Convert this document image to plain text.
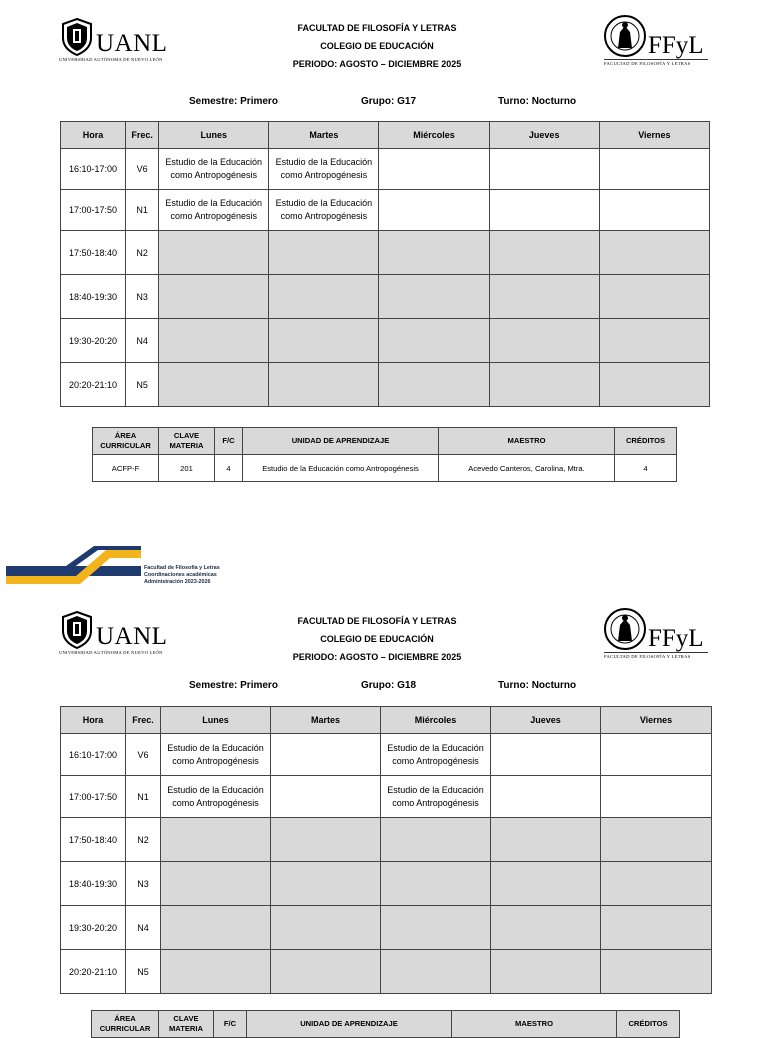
UANL
UNIVERSIDAD AUTÓNOMA DE NUEVO LEÓN
FACULTAD DE FILOSOFÍA Y LETRAS
COLEGIO DE EDUCACIÓN
PERIODO: AGOSTO – DICIEMBRE 2025
FFyL
FACULTAD DE FILOSOFÍA Y LETRAS
Semestre: Primero	Grupo: G17	Turno: Nocturno
Hora	Frec.	Lunes	Martes	Miércoles	Jueves	Viernes
16:10-17:00	V6	Estudio de la Educación como Antropogénesis	Estudio de la Educación como Antropogénesis			
17:00-17:50	N1	Estudio de la Educación como Antropogénesis	Estudio de la Educación como Antropogénesis			
17:50-18:40	N2					
18:40-19:30	N3					
19:30-20:20	N4					
20:20-21:10	N5					
ÁREA CURRICULAR	CLAVE MATERIA	F/C	UNIDAD DE APRENDIZAJE	MAESTRO	CRÉDITOS
ACFP-F	201	4	Estudio de la Educación como Antropogénesis	Acevedo Canteros, Carolina, Mtra.	4
Facultad de Filosofía y Letras
Coordinaciones académicas
Administración 2023-2026
UANL
UNIVERSIDAD AUTÓNOMA DE NUEVO LEÓN
FACULTAD DE FILOSOFÍA Y LETRAS
COLEGIO DE EDUCACIÓN
PERIODO: AGOSTO – DICIEMBRE 2025
FFyL
FACULTAD DE FILOSOFÍA Y LETRAS
Semestre: Primero	Grupo: G18	Turno: Nocturno
Hora	Frec.	Lunes	Martes	Miércoles	Jueves	Viernes
16:10-17:00	V6	Estudio de la Educación como Antropogénesis		Estudio de la Educación como Antropogénesis		
17:00-17:50	N1	Estudio de la Educación como Antropogénesis		Estudio de la Educación como Antropogénesis		
17:50-18:40	N2					
18:40-19:30	N3					
19:30-20:20	N4					
20:20-21:10	N5					
ÁREA CURRICULAR	CLAVE MATERIA	F/C	UNIDAD DE APRENDIZAJE	MAESTRO	CRÉDITOS
